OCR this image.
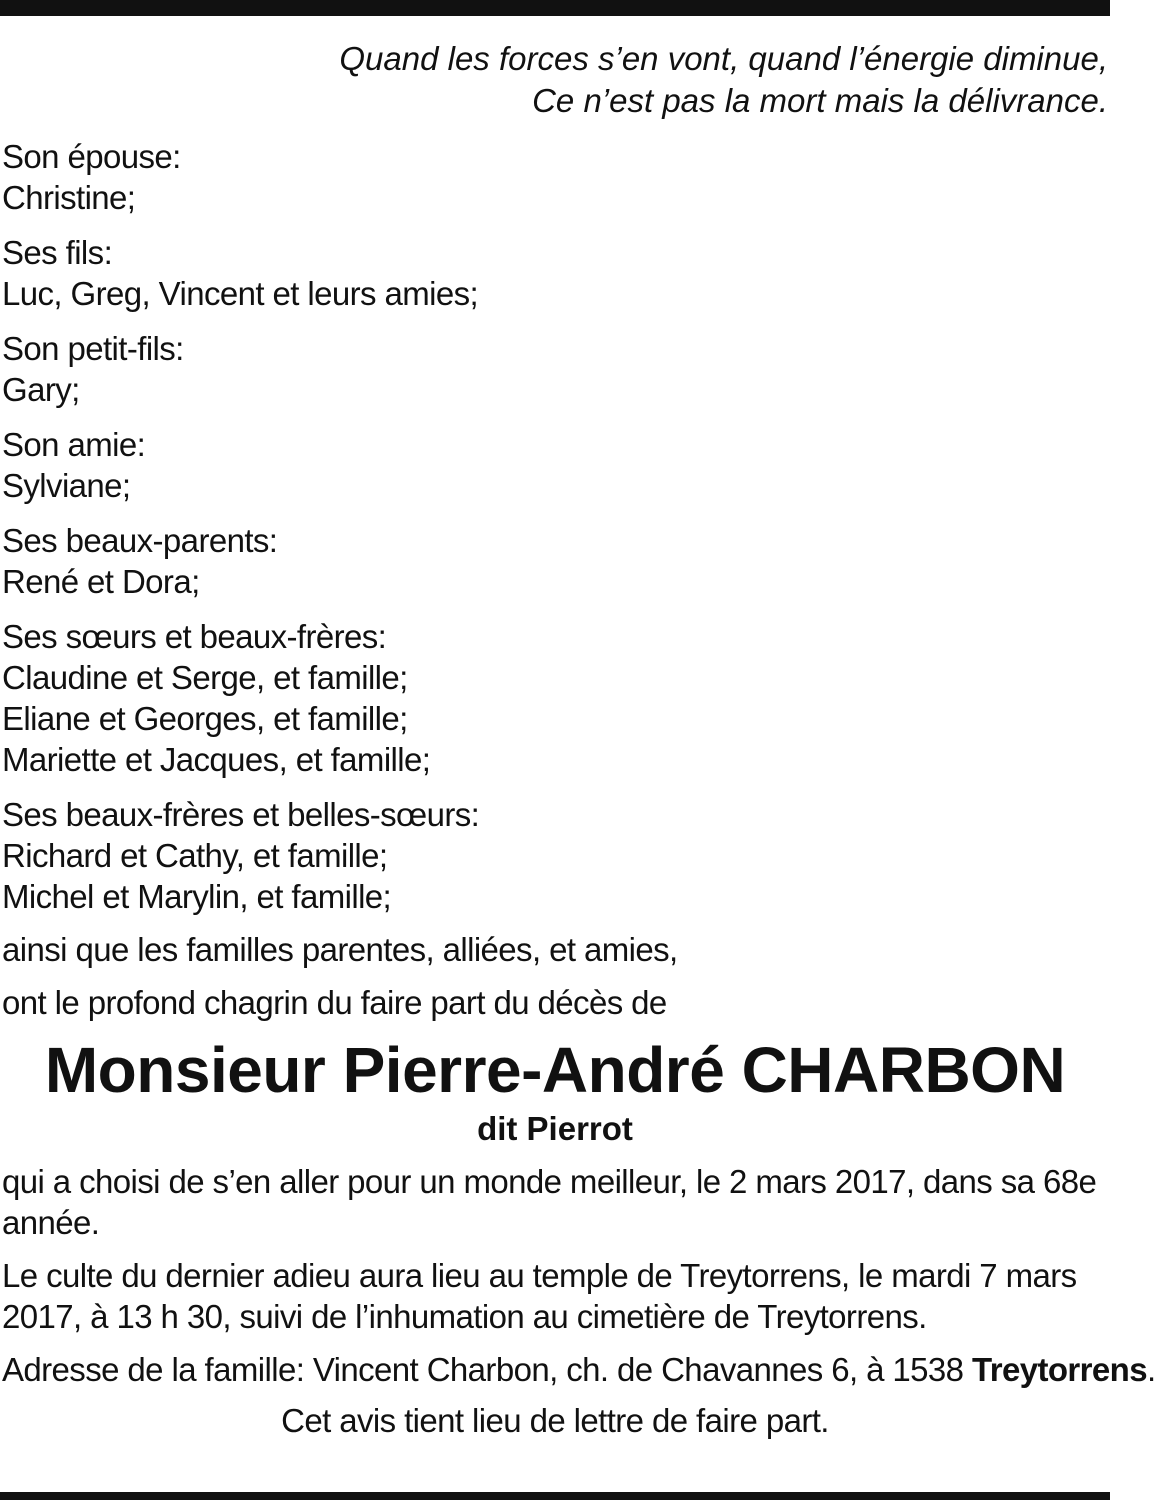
Quand les forces s’en vont, quand l’énergie diminue,
Ce n’est pas la mort mais la délivrance.
Son épouse:
Christine;
Ses fils:
Luc, Greg, Vincent et leurs amies;
Son petit-fils:
Gary;
Son amie:
Sylviane;
Ses beaux-parents:
René et Dora;
Ses sœurs et beaux-frères:
Claudine et Serge, et famille;
Eliane et Georges, et famille;
Mariette et Jacques, et famille;
Ses beaux-frères et belles-sœurs:
Richard et Cathy, et famille;
Michel et Marylin, et famille;
ainsi que les familles parentes, alliées, et amies,
ont le profond chagrin du faire part du décès de
Monsieur Pierre-André CHARBON
dit Pierrot
qui a choisi de s’en aller pour un monde meilleur, le 2 mars 2017, dans sa 68e année.
Le culte du dernier adieu aura lieu au temple de Treytorrens, le mardi 7 mars 2017, à 13 h 30, suivi de l’inhumation au cimetière de Treytorrens.
Adresse de la famille: Vincent Charbon, ch. de Chavannes 6, à 1538 Treytorrens.
Cet avis tient lieu de lettre de faire part.
